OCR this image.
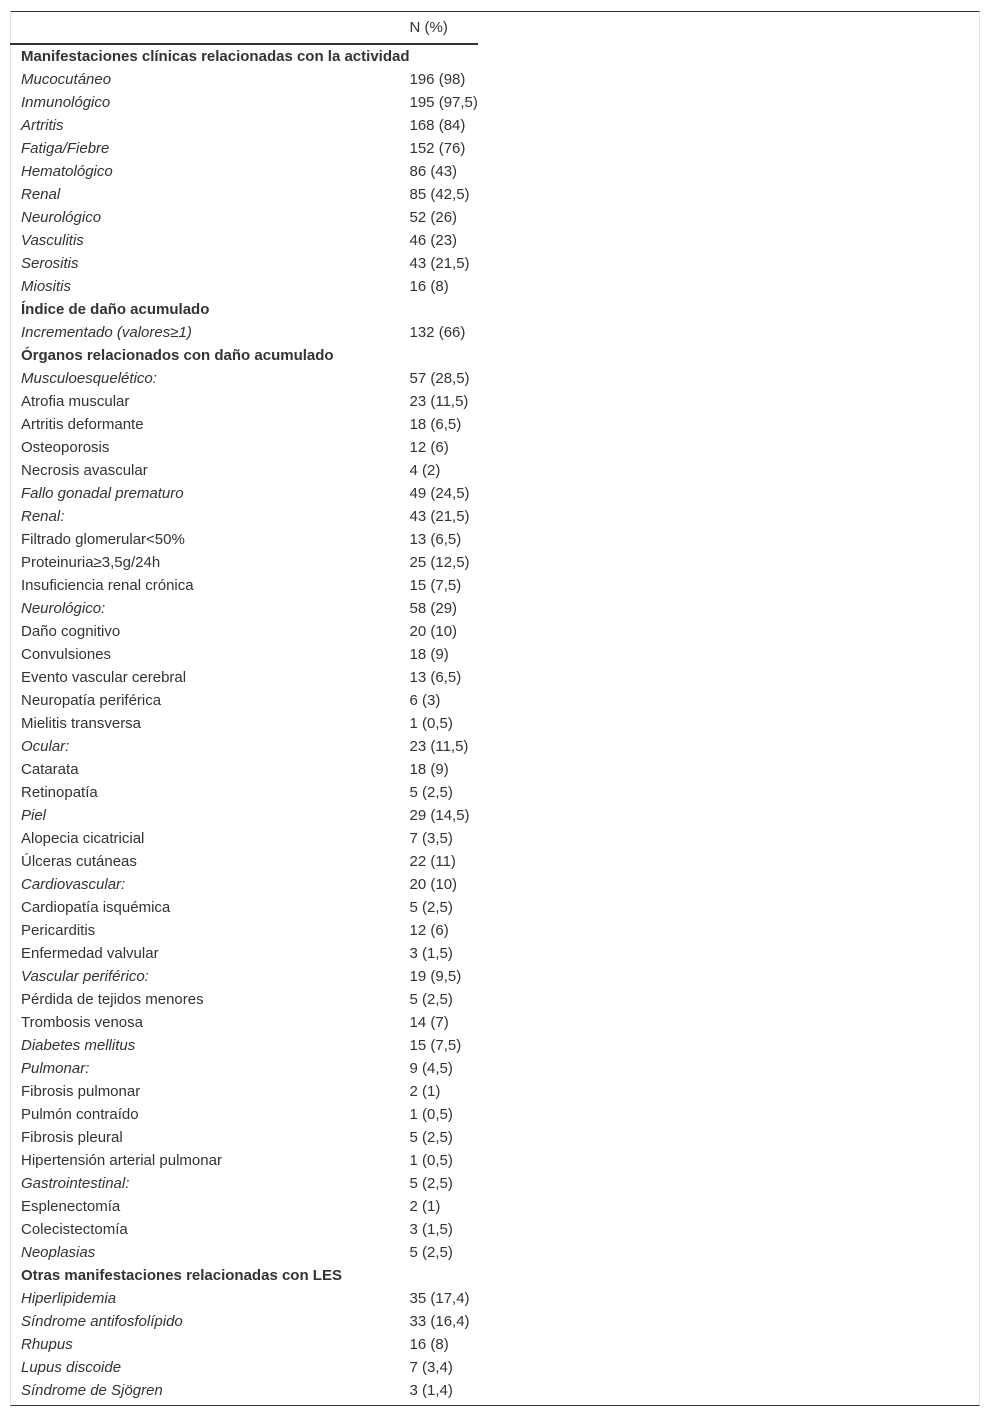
	N (%)
Manifestaciones clínicas relacionadas con la actividad	
Mucocutáneo	196 (98)
Inmunológico	195 (97,5)
Artritis	168 (84)
Fatiga/Fiebre	152 (76)
Hematológico	86 (43)
Renal	85 (42,5)
Neurológico	52 (26)
Vasculitis	46 (23)
Serositis	43 (21,5)
Miositis	16 (8)
Índice de daño acumulado	
Incrementado (valores≥1)	132 (66)
Órganos relacionados con daño acumulado	
Musculoesquelético:	57 (28,5)
Atrofia muscular	23 (11,5)
Artritis deformante	18 (6,5)
Osteoporosis	12 (6)
Necrosis avascular	4 (2)
Fallo gonadal prematuro	49 (24,5)
Renal:	43 (21,5)
Filtrado glomerular<50%	13 (6,5)
Proteinuria≥3,5g/24h	25 (12,5)
Insuficiencia renal crónica	15 (7,5)
Neurológico:	58 (29)
Daño cognitivo	20 (10)
Convulsiones	18 (9)
Evento vascular cerebral	13 (6,5)
Neuropatía periférica	6 (3)
Mielitis transversa	1 (0,5)
Ocular:	23 (11,5)
Catarata	18 (9)
Retinopatía	5 (2,5)
Piel	29 (14,5)
Alopecia cicatricial	7 (3,5)
Úlceras cutáneas	22 (11)
Cardiovascular:	20 (10)
Cardiopatía isquémica	5 (2,5)
Pericarditis	12 (6)
Enfermedad valvular	3 (1,5)
Vascular periférico:	19 (9,5)
Pérdida de tejidos menores	5 (2,5)
Trombosis venosa	14 (7)
Diabetes mellitus	15 (7,5)
Pulmonar:	9 (4,5)
Fibrosis pulmonar	2 (1)
Pulmón contraído	1 (0,5)
Fibrosis pleural	5 (2,5)
Hipertensión arterial pulmonar	1 (0,5)
Gastrointestinal:	5 (2,5)
Esplenectomía	2 (1)
Colecistectomía	3 (1,5)
Neoplasias	5 (2,5)
Otras manifestaciones relacionadas con LES	
Hiperlipidemia	35 (17,4)
Síndrome antifosfolípido	33 (16,4)
Rhupus	16 (8)
Lupus discoide	7 (3,4)
Síndrome de Sjögren	3 (1,4)
